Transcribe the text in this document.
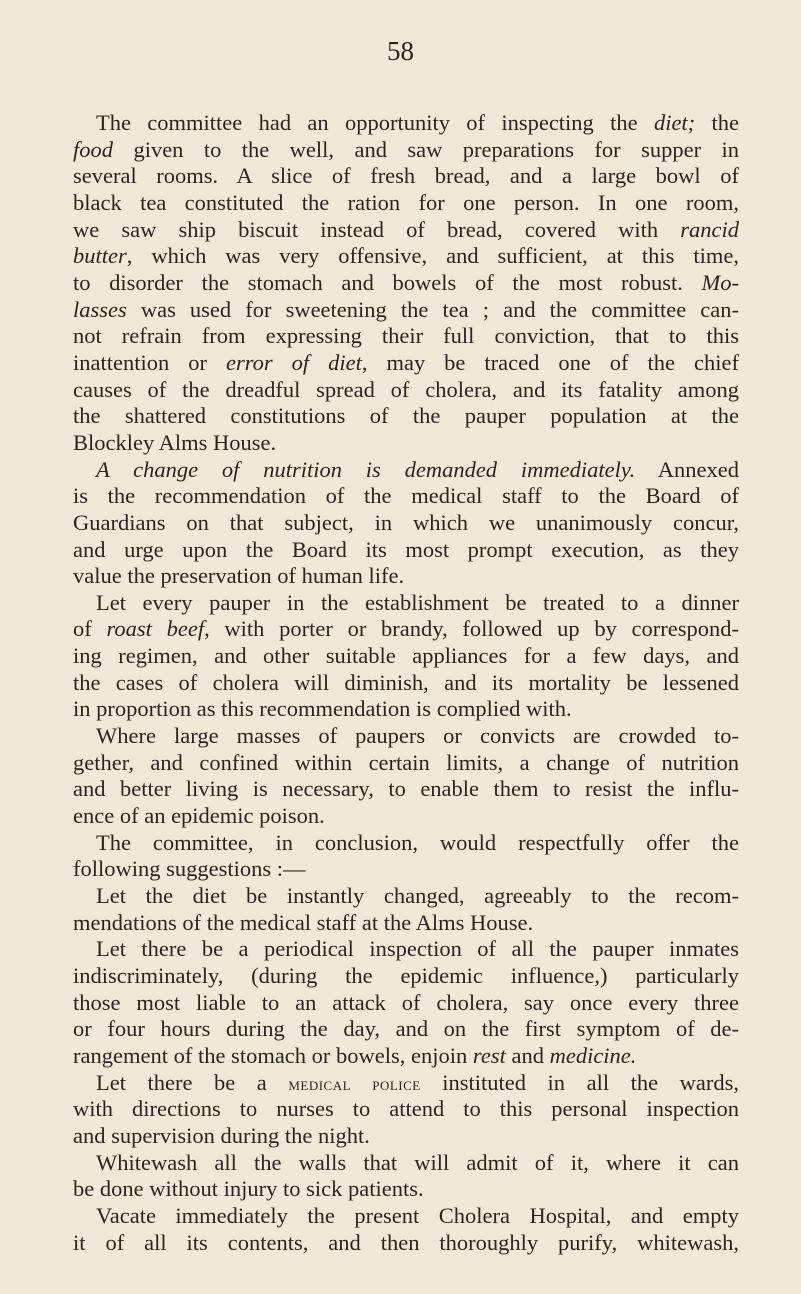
58
The committee had an opportunity of inspecting the diet; the
food given to the well, and saw preparations for supper in
several rooms. A slice of fresh bread, and a large bowl of
black tea constituted the ration for one person. In one room,
we saw ship biscuit instead of bread, covered with rancid
butter, which was very offensive, and sufficient, at this time,
to disorder the stomach and bowels of the most robust. Mo-
lasses was used for sweetening the tea ; and the committee can-
not refrain from expressing their full conviction, that to this
inattention or error of diet, may be traced one of the chief
causes of the dreadful spread of cholera, and its fatality among
the shattered constitutions of the pauper population at the
Blockley Alms House.
A change of nutrition is demanded immediately. Annexed
is the recommendation of the medical staff to the Board of
Guardians on that subject, in which we unanimously concur,
and urge upon the Board its most prompt execution, as they
value the preservation of human life.
Let every pauper in the establishment be treated to a dinner
of roast beef, with porter or brandy, followed up by correspond-
ing regimen, and other suitable appliances for a few days, and
the cases of cholera will diminish, and its mortality be lessened
in proportion as this recommendation is complied with.
Where large masses of paupers or convicts are crowded to-
gether, and confined within certain limits, a change of nutrition
and better living is necessary, to enable them to resist the influ-
ence of an epidemic poison.
The committee, in conclusion, would respectfully offer the
following suggestions :—
Let the diet be instantly changed, agreeably to the recom-
mendations of the medical staff at the Alms House.
Let there be a periodical inspection of all the pauper inmates
indiscriminately, (during the epidemic influence,) particularly
those most liable to an attack of cholera, say once every three
or four hours during the day, and on the first symptom of de-
rangement of the stomach or bowels, enjoin rest and medicine.
Let there be a medical police instituted in all the wards,
with directions to nurses to attend to this personal inspection
and supervision during the night.
Whitewash all the walls that will admit of it, where it can
be done without injury to sick patients.
Vacate immediately the present Cholera Hospital, and empty
it of all its contents, and then thoroughly purify, whitewash,
